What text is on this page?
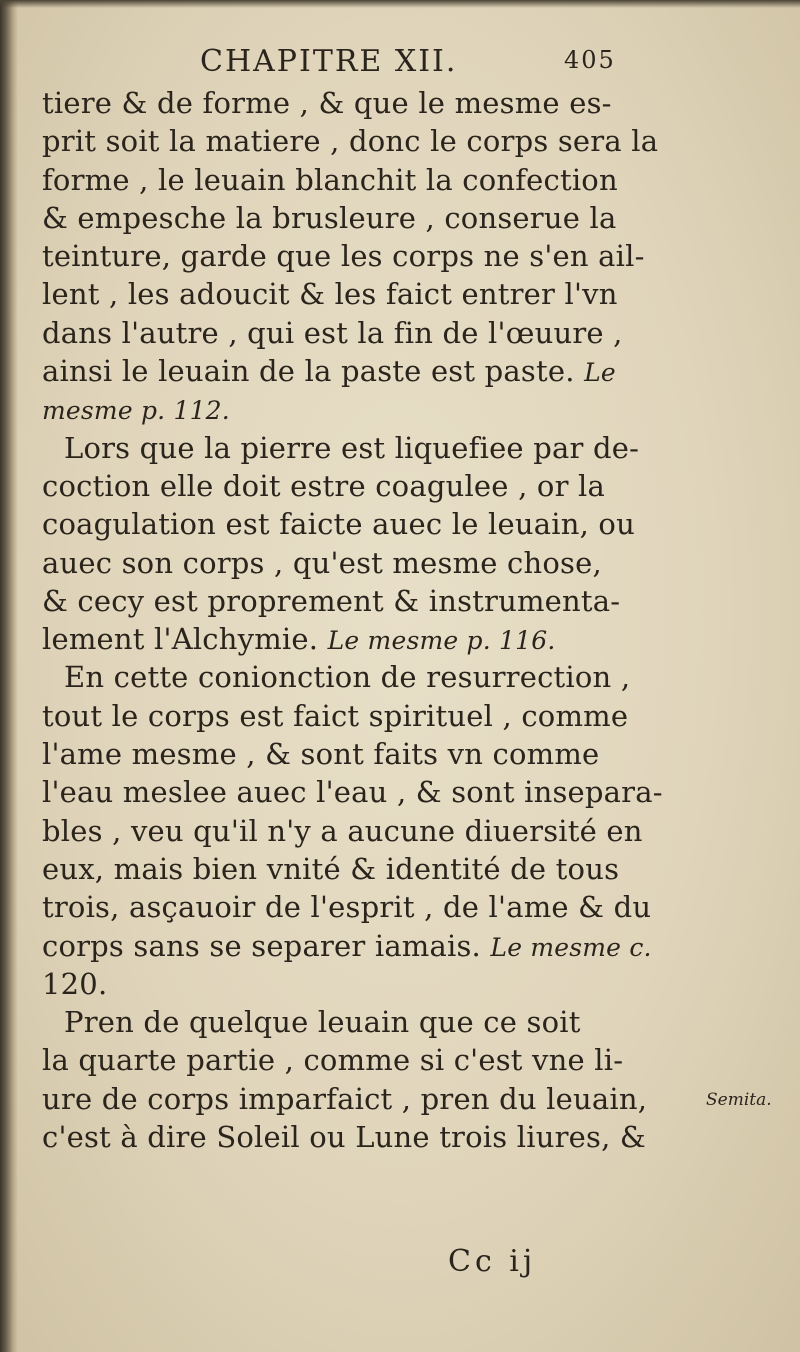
CHAPITRE XII.	405
tiere & de forme , & que le mesme es-
prit soit la matiere , donc le corps sera la
forme , le leuain blanchit la confection
& empesche la brusleure , conserue la
teinture, garde que les corps ne s'en ail-
lent , les adoucit & les faict entrer l'vn
dans l'autre , qui est la fin de l'œuure ,
ainsi le leuain de la paste est paste. Le
mesme p. 112.
Lors que la pierre est liquefiee par de-
coction elle doit estre coagulee , or la
coagulation est faicte auec le leuain, ou
auec son corps , qu'est mesme chose,
& cecy est proprement & instrumenta-
lement l'Alchymie. Le mesme p. 116.
En cette conionction de resurrection ,
tout le corps est faict spirituel , comme
l'ame mesme , & sont faits vn comme
l'eau meslee auec l'eau , & sont insepara-
bles , veu qu'il n'y a aucune diuersité en
eux, mais bien vnité & identité de tous
trois, asçauoir de l'esprit , de l'ame & du
corps sans se separer iamais. Le mesme c.
120.
Pren de quelque leuain que ce soit
la quarte partie , comme si c'est vne li-
ure de corps imparfaict , pren du leuain,
c'est à dire Soleil ou Lune trois liures, &
Semita.
Cc ij
